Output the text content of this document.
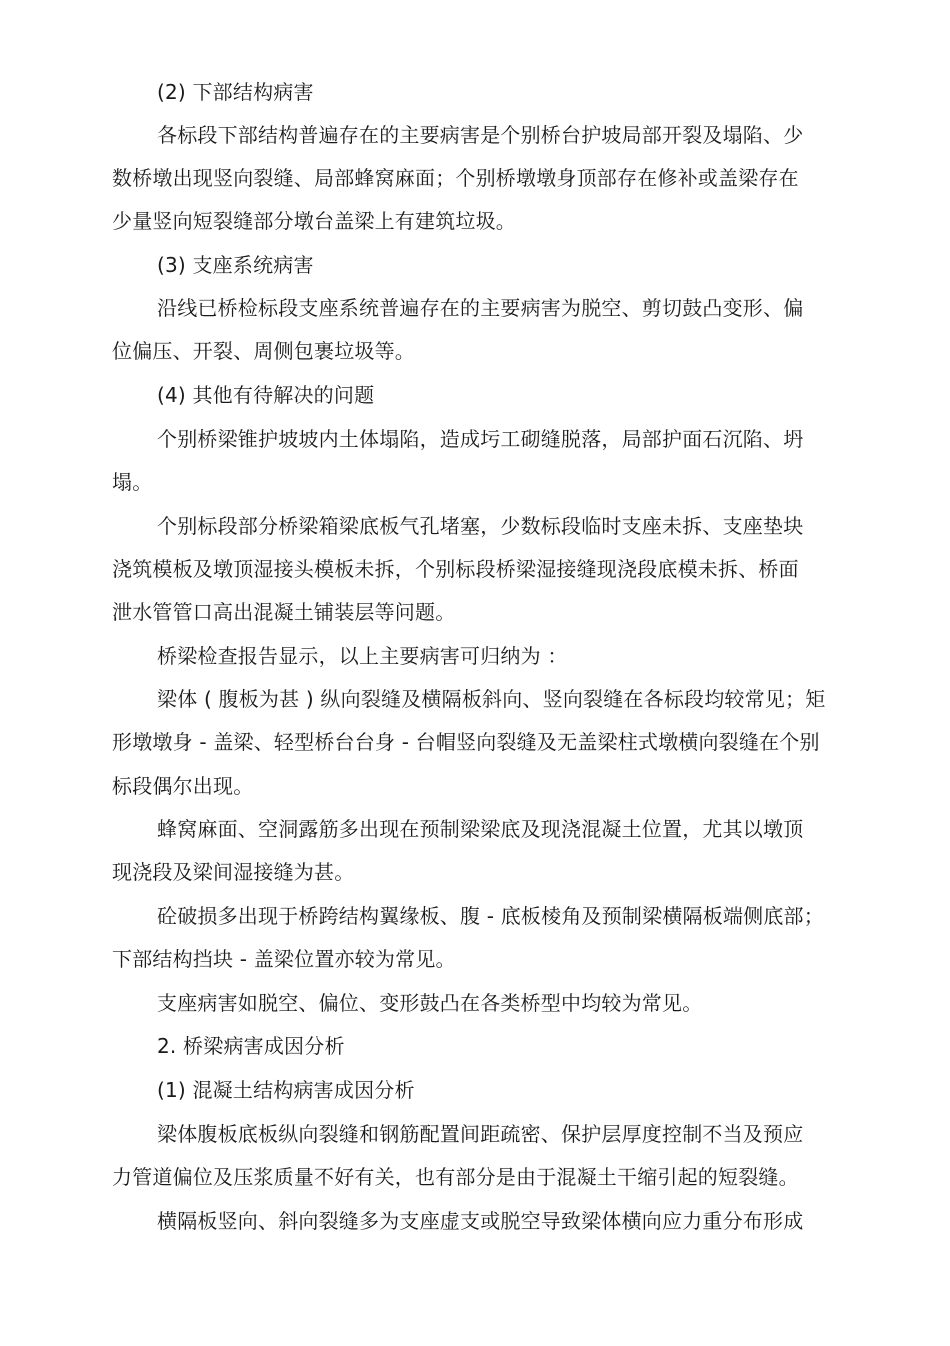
(2) 下部结构病害
各标段下部结构普遍存在的主要病害是个别桥台护坡局部开裂及塌陷、少
数桥墩出现竖向裂缝、局部蜂窝麻面；个别桥墩墩身顶部存在修补或盖梁存在
少量竖向短裂缝部分墩台盖梁上有建筑垃圾。
(3) 支座系统病害
沿线已桥检标段支座系统普遍存在的主要病害为脱空、剪切鼓凸变形、偏
位偏压、开裂、周侧包裹垃圾等。
(4) 其他有待解决的问题
个别桥梁锥护坡坡内土体塌陷，造成圬工砌缝脱落，局部护面石沉陷、坍
塌。
个别标段部分桥梁箱梁底板气孔堵塞，少数标段临时支座未拆、支座垫块
浇筑模板及墩顶湿接头模板未拆，个别标段桥梁湿接缝现浇段底模未拆、桥面
泄水管管口高出混凝土铺装层等问题。
桥梁检查报告显示，以上主要病害可归纳为 ：
梁体 ( 腹板为甚 ) 纵向裂缝及横隔板斜向、竖向裂缝在各标段均较常见；矩
形墩墩身 - 盖梁、轻型桥台台身 - 台帽竖向裂缝及无盖梁柱式墩横向裂缝在个别
标段偶尔出现。
蜂窝麻面、空洞露筋多出现在预制梁梁底及现浇混凝土位置，尤其以墩顶
现浇段及梁间湿接缝为甚。
砼破损多出现于桥跨结构翼缘板、腹 - 底板棱角及预制梁横隔板端侧底部；
下部结构挡块 - 盖梁位置亦较为常见。
支座病害如脱空、偏位、变形鼓凸在各类桥型中均较为常见。
2. 桥梁病害成因分析
(1) 混凝土结构病害成因分析
梁体腹板底板纵向裂缝和钢筋配置间距疏密、保护层厚度控制不当及预应
力管道偏位及压浆质量不好有关，也有部分是由于混凝土干缩引起的短裂缝。
横隔板竖向、斜向裂缝多为支座虚支或脱空导致梁体横向应力重分布形成
